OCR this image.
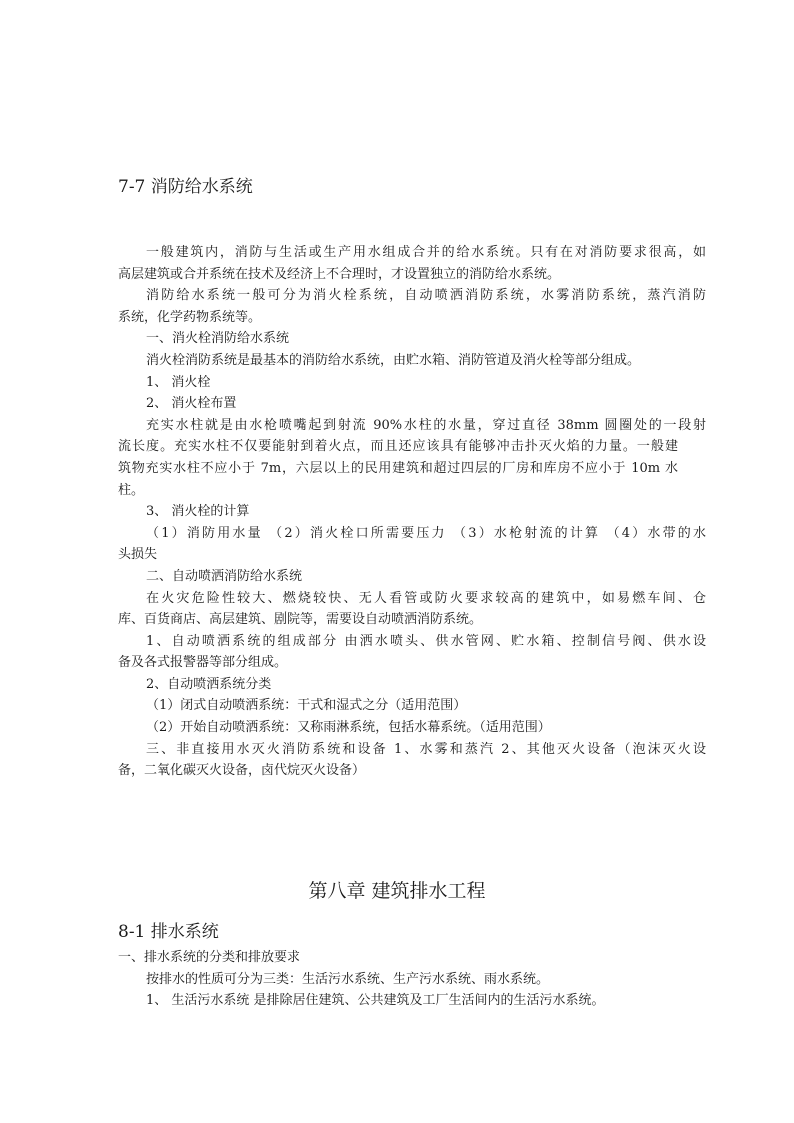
7-7 消防给水系统
一般建筑内，消防与生活或生产用水组成合并的给水系统。只有在对消防要求很高，如
高层建筑或合并系统在技术及经济上不合理时，才设置独立的消防给水系统。
消防给水系统一般可分为消火栓系统，自动喷洒消防系统，水雾消防系统，蒸汽消防
系统，化学药物系统等。
一、消火栓消防给水系统
消火栓消防系统是最基本的消防给水系统，由贮水箱、消防管道及消火栓等部分组成。
1、 消火栓
2、 消火栓布置
充实水柱就是由水枪喷嘴起到射流 90%水柱的水量，穿过直径 38mm 圆圈处的一段射
流长度。充实水柱不仅要能射到着火点，而且还应该具有能够冲击扑灭火焰的力量。一般建
筑物充实水柱不应小于 7m，六层以上的民用建筑和超过四层的厂房和库房不应小于 10m 水
柱。
3、 消火栓的计算
（1）消防用水量 （2）消火栓口所需要压力 （3）水枪射流的计算 （4）水带的水
头损失
二、自动喷洒消防给水系统
在火灾危险性较大、燃烧较快、无人看管或防火要求较高的建筑中，如易燃车间、仓
库、百货商店、高层建筑、剧院等，需要设自动喷洒消防系统。
1、自动喷洒系统的组成部分 由洒水喷头、供水管网、贮水箱、控制信号阀、供水设
备及各式报警器等部分组成。
2、自动喷洒系统分类
（1）闭式自动喷洒系统：干式和湿式之分（适用范围）
（2）开始自动喷洒系统：又称雨淋系统，包括水幕系统。（适用范围）
三、非直接用水灭火消防系统和设备 1、水雾和蒸汽 2、其他灭火设备（泡沫灭火设
备，二氧化碳灭火设备，卤代烷灭火设备）
第八章 建筑排水工程
8-1 排水系统
一、排水系统的分类和排放要求
按排水的性质可分为三类：生活污水系统、生产污水系统、雨水系统。
1、 生活污水系统 是排除居住建筑、公共建筑及工厂生活间内的生活污水系统。
